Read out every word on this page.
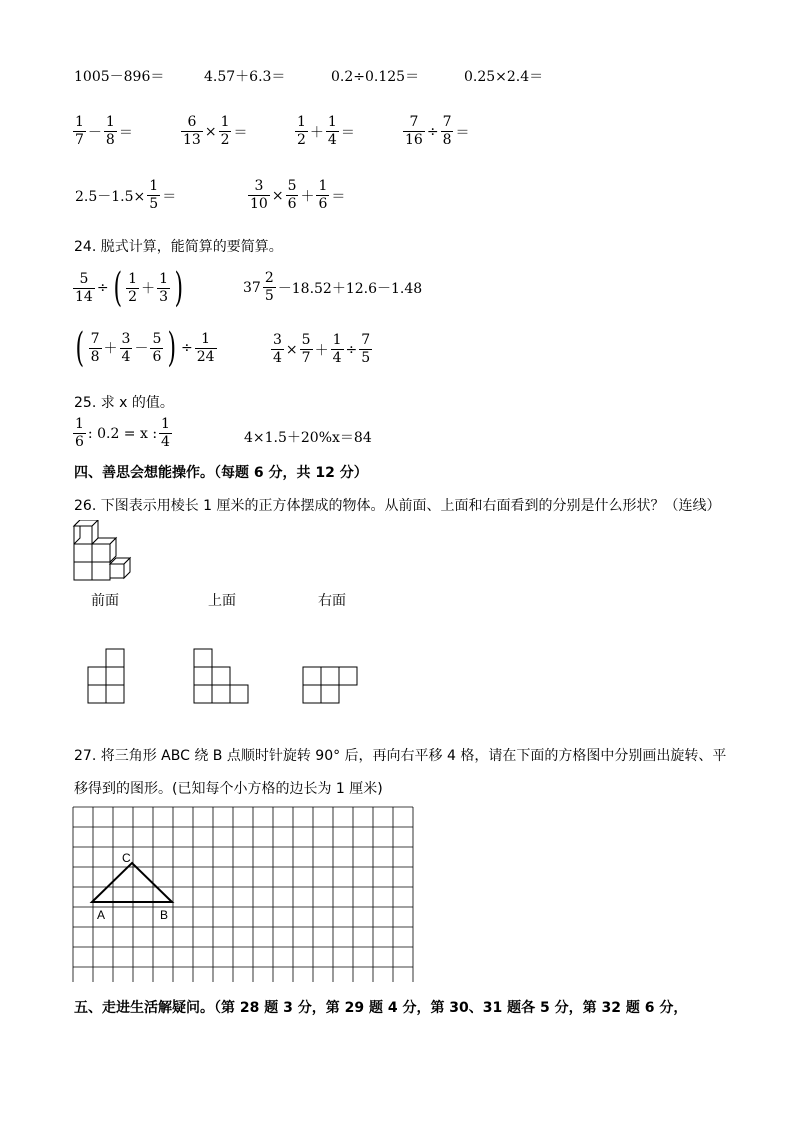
1005－896＝	4.57＋6.3＝	0.2÷0.125＝	0.25×2.4＝
$\frac{1}{7} - \frac{1}{8}$ ＝	$\frac{6}{13} \times \frac{1}{2}$ ＝	$\frac{1}{2} + \frac{1}{4}$ ＝	$\frac{7}{16} \div \frac{7}{8}$ ＝
$2.5-1.5\times \frac{1}{5}$ ＝	$\frac{3}{10} \times \frac{5}{6} + \frac{1}{6}$ ＝
24. 脱式计算，能简算的要简算。
$\frac{5}{14}$ ÷ ( $\frac{1}{2} + \frac{1}{3}$ )	$37 \frac{2}{5} -18.52+12.6-1.48$
( $\frac{7}{8} + \frac{3}{4} - \frac{5}{6}$ ) ÷ $\frac{1}{24}$	$\frac{3}{4} \times \frac{5}{7} + \frac{1}{4} \div \frac{7}{5}$
25. 求 x 的值。
$\frac{1}{6}$ : 0.2 = x : $\frac{1}{4}$	4×1.5＋20%x＝84
四、善思会想能操作。（每题 6 分，共 12 分）
26. 下图表示用棱长 1 厘米的正方体摆成的物体。从前面、上面和右面看到的分别是什么形状？（连线）
前面	上面	右面
27. 将三角形 ABC 绕 B 点顺时针旋转 90° 后，再向右平移 4 格，请在下面的方格图中分别画出旋转、平
移得到的图形。(已知每个小方格的边长为 1 厘米)
C
A	B
五、走进生活解疑问。（第 28 题 3 分，第 29 题 4 分，第 30、31 题各 5 分，第 32 题 6 分，
